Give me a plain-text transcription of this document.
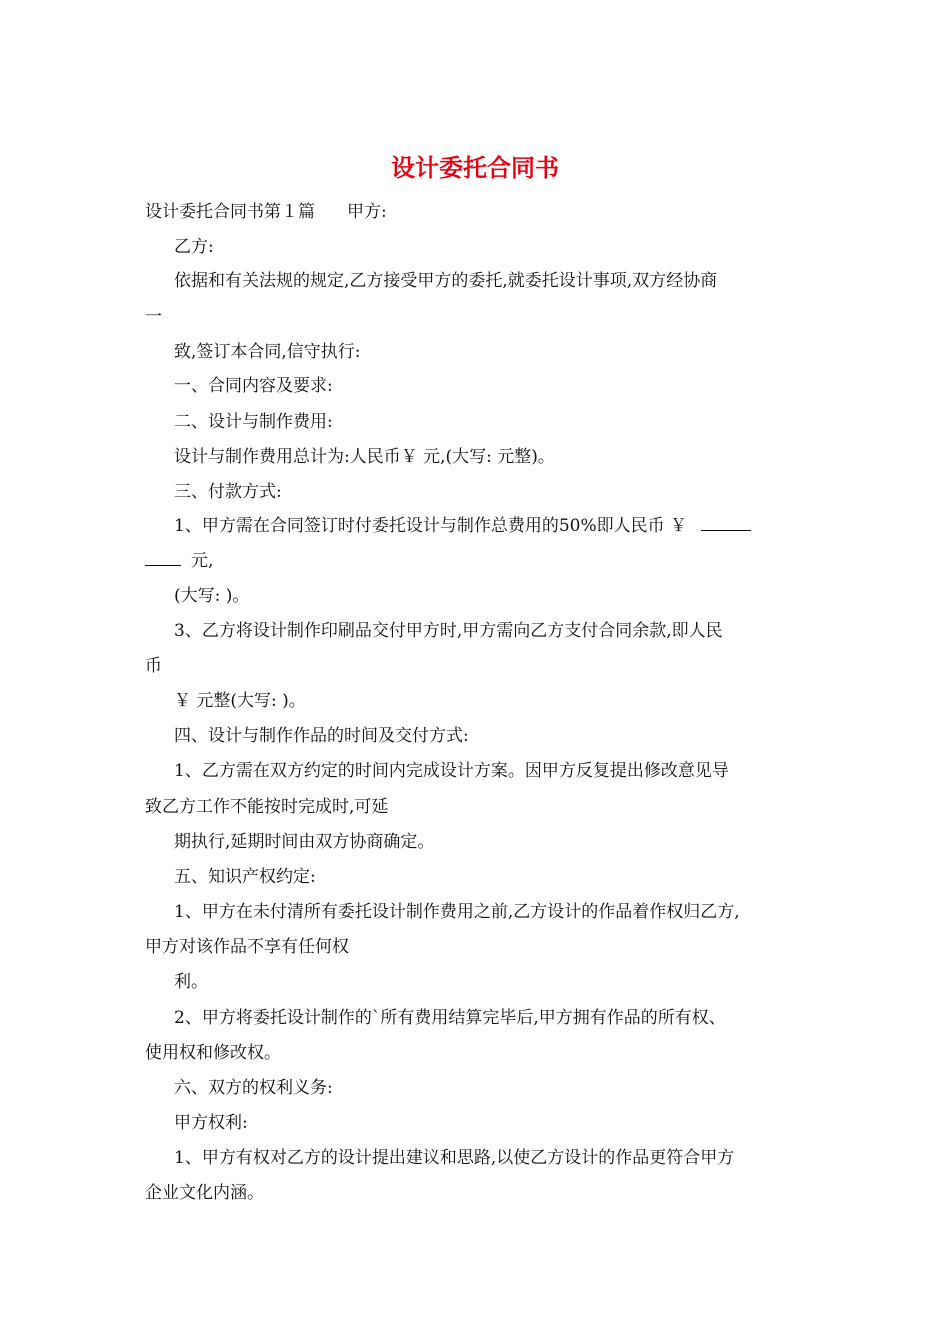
设计委托合同书
设计委托合同书第１篇 甲方:
乙方:
依据和有关法规的规定,乙方接受甲方的委托,就委托设计事项,双方经协商
一
致,签订本合同,信守执行:
一、合同内容及要求:
二、设计与制作费用:
设计与制作费用总计为:人民币￥ 元,(大写: 元整)。
三、付款方式:
1、甲方需在合同签订时付委托设计与制作总费用的50%即人民币 ￥
元,
(大写: )。
3、乙方将设计制作印刷品交付甲方时,甲方需向乙方支付合同余款,即人民
币
￥ 元整(大写: )。
四、设计与制作作品的时间及交付方式:
1、乙方需在双方约定的时间内完成设计方案。因甲方反复提出修改意见导
致乙方工作不能按时完成时,可延
期执行,延期时间由双方协商确定。
五、知识产权约定:
1、甲方在未付清所有委托设计制作费用之前,乙方设计的作品着作权归乙方,
甲方对该作品不享有任何权
利。
2、甲方将委托设计制作的`所有费用结算完毕后,甲方拥有作品的所有权、
使用权和修改权。
六、双方的权利义务:
甲方权利:
1、甲方有权对乙方的设计提出建议和思路,以使乙方设计的作品更符合甲方
企业文化内涵。
